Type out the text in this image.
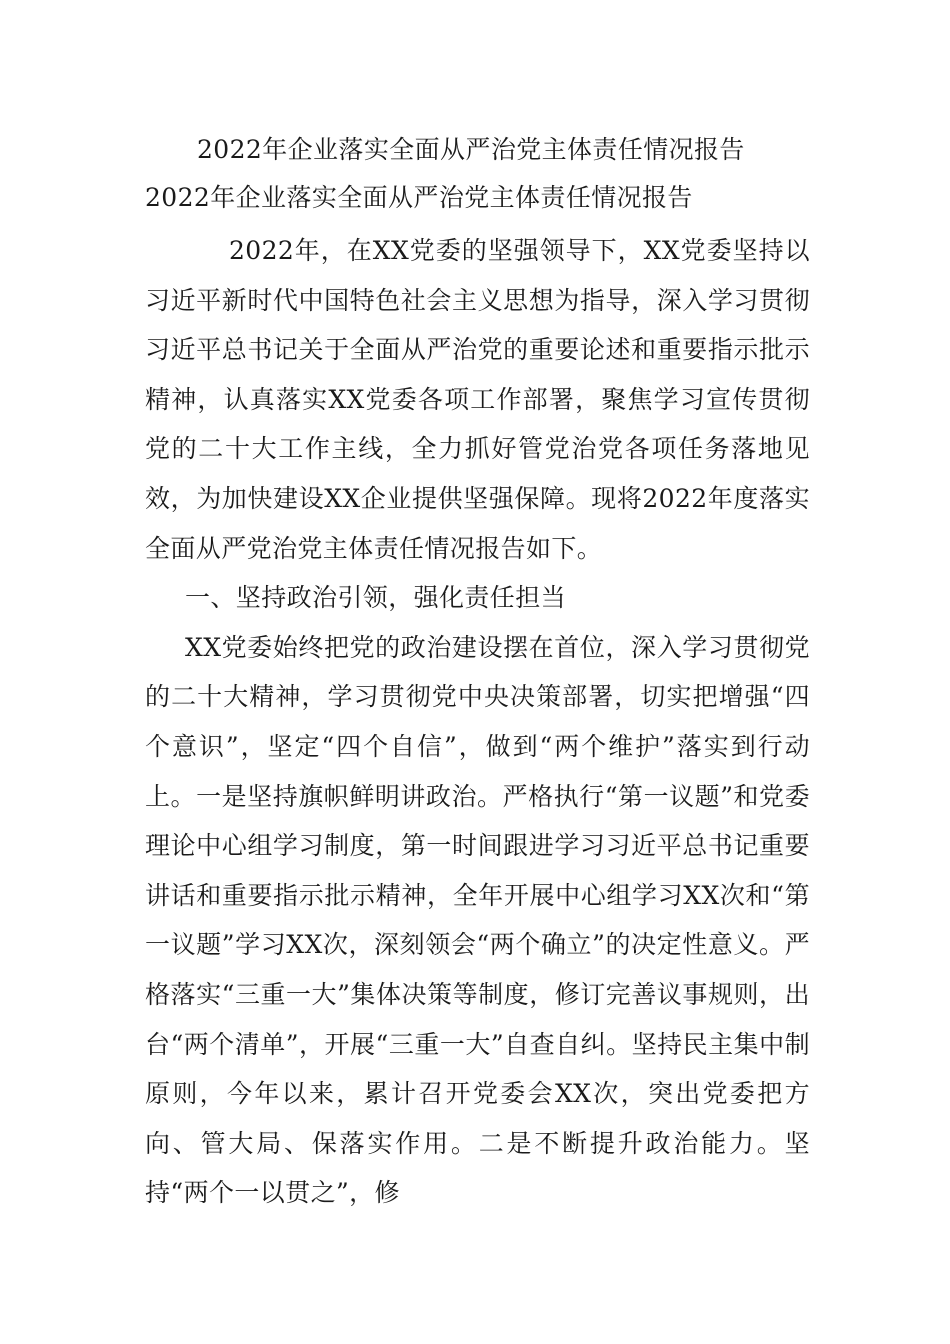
2022年企业落实全面从严治党主体责任情况报告
2022年企业落实全面从严治党主体责任情况报告

2022年，在XX党委的坚强领导下，XX党委坚持以习近平新时代中国特色社会主义思想为指导，深入学习贯彻习近平总书记关于全面从严治党的重要论述和重要指示批示精神，认真落实XX党委各项工作部署，聚焦学习宣传贯彻党的二十大工作主线，全力抓好管党治党各项任务落地见效，为加快建设XX企业提供坚强保障。现将2022年度落实全面从严党治党主体责任情况报告如下。

一、坚持政治引领，强化责任担当

XX党委始终把党的政治建设摆在首位，深入学习贯彻党的二十大精神，学习贯彻党中央决策部署，切实把增强“四个意识”，坚定“四个自信”，做到“两个维护”落实到行动上。一是坚持旗帜鲜明讲政治。严格执行“第一议题”和党委理论中心组学习制度，第一时间跟进学习习近平总书记重要讲话和重要指示批示精神，全年开展中心组学习XX次和“第一议题”学习XX次，深刻领会“两个确立”的决定性意义。严格落实“三重一大”集体决策等制度，修订完善议事规则，出台“两个清单”，开展“三重一大”自查自纠。坚持民主集中制原则，今年以来，累计召开党委会XX次，突出党委把方向、管大局、保落实作用。二是不断提升政治能力。坚持“两个一以贯之”，修
